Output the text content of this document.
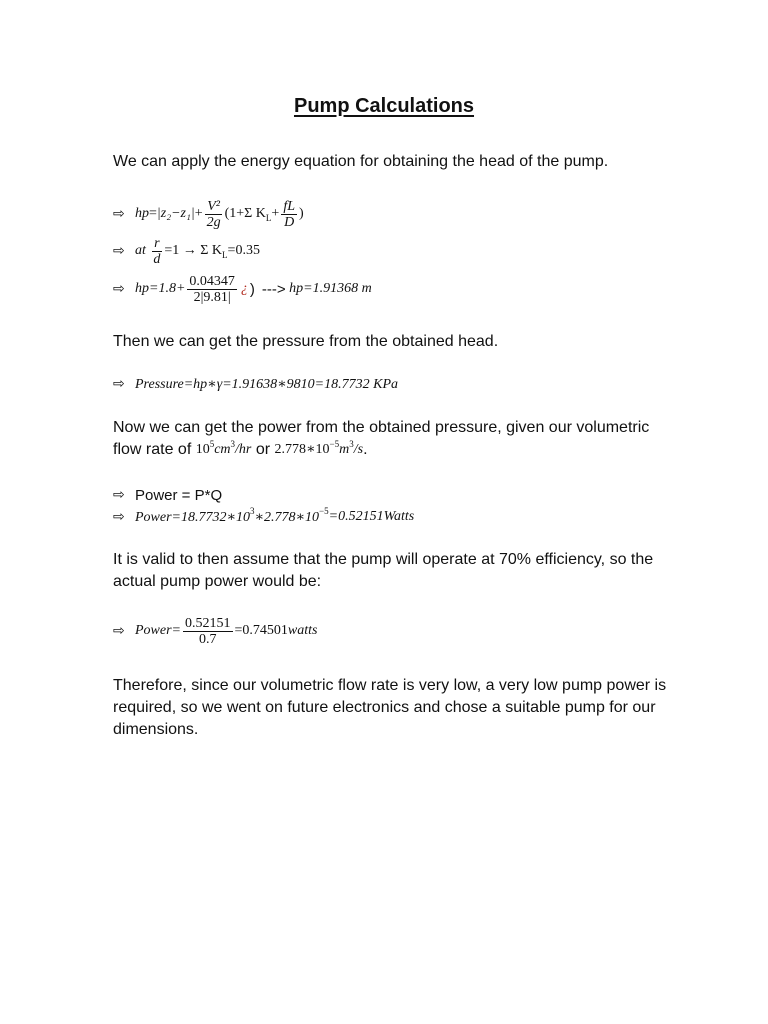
Pump Calculations

We can apply the energy equation for obtaining the head of the pump.

⇨ hp = $|z_2-z_1| + \frac{\text{V²}}{2g} (1+\Sigma$ K $L + \frac{fL}{D}$ )
⇨ at
$\frac{r}{d} =1 \to \Sigma$ K L =0.35
⇨ $hp=1.8+ \frac{0.04347}{2|9.81|}$ ¿ )
--->
hp=1.91368
m

Then we can get the pressure from the obtained head.

⇨ Pressure=hp∗γ=1.91638∗9810=18.7732 KPa

Now we can get the power from the obtained pressure, given our volumetric

flow rate of
10 5 cm 3 /hr
or
2.778∗10 −5 m 3 /s .

⇨ Power = P*Q
⇨ Power=18.7732∗10 3 ∗2.778∗10 −5 =0.52151 Watts

It is valid to then assume that the pump will operate at 70% efficiency, so the

actual pump power would be:

⇨ Power= $\frac{0.52151}{0.7} =0.74501$ watts

Therefore, since our volumetric flow rate is very low, a very low pump power is

required, so we went on future electronics and chose a suitable pump for our

dimensions.
